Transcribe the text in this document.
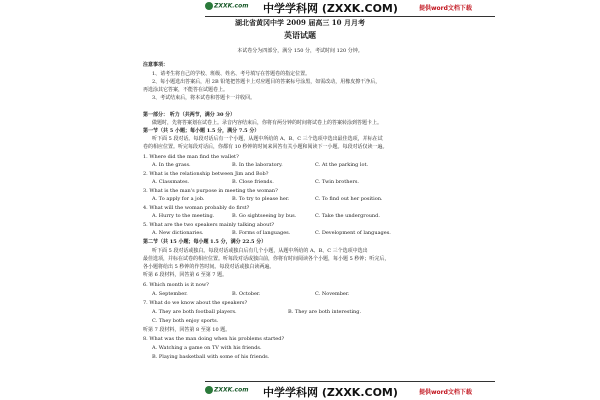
ZXXK.com 中学学科网 (ZXXK.COM)	提供word文档下载
湖北省黄冈中学 2009 届高三 10 月月考
英语试题
本试卷分为四部分，满分 150 分，考试时间 120 分钟。
注意事项：
1、请考生将自己的学校、班级、姓名、考号填写在答题卷的指定位置。
2、每小题选出答案后，用 2B 铅笔把答题卡上对应题目的答案标号涂黑，如需改动，用橡皮擦干净后，
再选涂其它答案，不能答在试题卷上。
3、考试结束后，将本试卷和答题卡一并收回。
第一部分： 听力（共两节，满分 30 分）
做题时，先将答案划在试卷上。录音内容结束后，你将有两分钟的时间将试卷上的答案转涂到答题卡上。
第一节（共 5 小题；每小题 1.5 分，满分 7.5 分）
听下面 5 段对话。每段对话后有一个小题，从题中所给的 A、B、C 三个选项中选出最佳选项，并标在试
卷的相应位置。听完每段对话后，你都有 10 秒钟的时间来回答有关小题和阅读下一小题。每段对话仅读一遍。
1. Where did the man find the wallet?
A. In the grass.	B. In the laboratory.	C. At the parking lot.
2. What is the relationship between Jim and Bob?
A. Classmates.	B. Close friends.	C. Twin brothers.
3. What is the man's purpose in meeting the woman?
A. To apply for a job.	B. To try to please her.	C. To find out her position.
4. What will the woman probably do first?
A. Hurry to the meeting.	B. Go sightseeing by bus.	C. Take the underground.
5. What are the two speakers mainly talking about?
A. New dictionaries.	B. Forms of languages.	C. Development of languages.
第二节（共 15 小题；每小题 1.5 分，满分 22.5 分）
听下面 5 段对话或独白。每段对话或独白后有几个小题，从题中所给的 A、B、C 三个选项中选出
最佳选项，并标在试卷的相应位置。听每段对话或独白前，你将有时间阅读各个小题，每小题 5 秒钟；听完后，
各小题将给出 5 秒钟的作答时间。每段对话或独白读两遍。
听第 6 段材料，回答第 6 至第 7 题。
6. Which month is it now?
A. September.	B. October.	C. November.
7. What do we know about the speakers?
A. They are both football players.	B. They are both interesting.
C. They both enjoy sports.
听第 7 段材料，回答第 8 至第 10 题。
8. What was the man doing when his problems started?
A. Watching a game on TV with his friends.
B. Playing basketball with some of his friends.
ZXXK.com 中学学科网 (ZXXK.COM)	提供word文档下载
